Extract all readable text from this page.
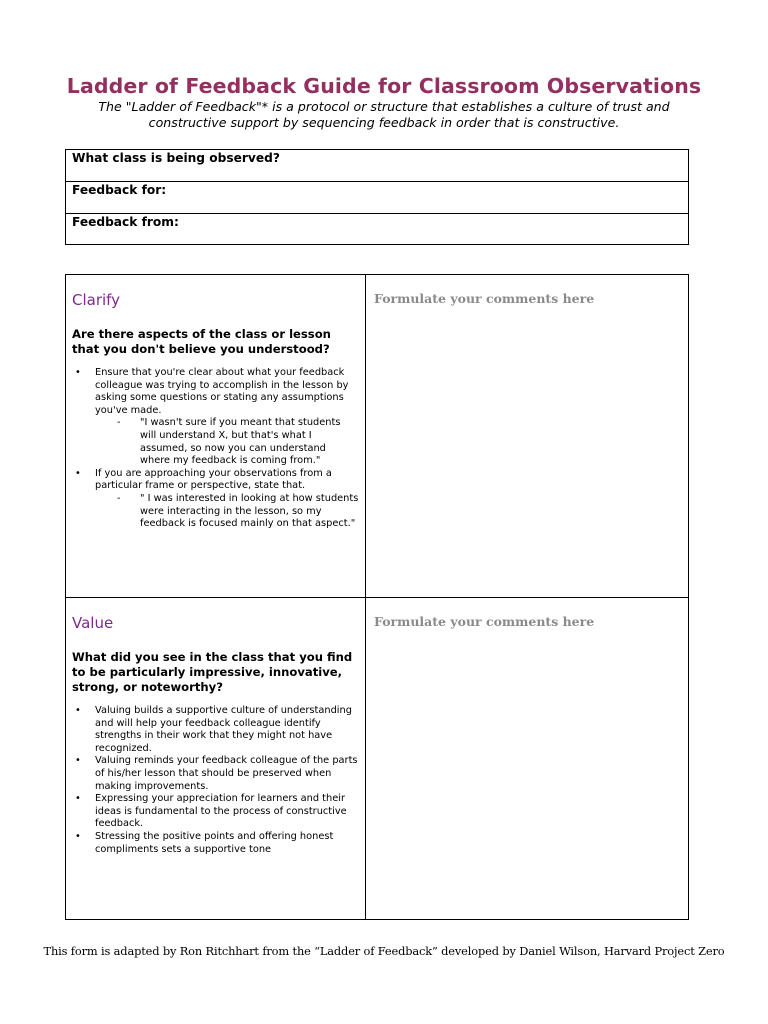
Ladder of Feedback Guide for Classroom Observations
The "Ladder of Feedback"* is a protocol or structure that establishes a culture of trust and constructive support by sequencing feedback in order that is constructive.
What class is being observed?
Feedback for:
Feedback from:
Clarify
Are there aspects of the class or lesson that you don't believe you understood?
• Ensure that you're clear about what your feedback colleague was trying to accomplish in the lesson by asking some questions or stating any assumptions you've made.
- "I wasn't sure if you meant that students will understand X, but that's what I assumed, so now you can understand where my feedback is coming from."
• If you are approaching your observations from a particular frame or perspective, state that.
- " I was interested in looking at how students were interacting in the lesson, so my feedback is focused mainly on that aspect."
Formulate your comments here
Value
What did you see in the class that you find to be particularly impressive, innovative, strong, or noteworthy?
• Valuing builds a supportive culture of understanding and will help your feedback colleague identify strengths in their work that they might not have recognized.
• Valuing reminds your feedback colleague of the parts of his/her lesson that should be preserved when making improvements.
• Expressing your appreciation for learners and their ideas is fundamental to the process of constructive feedback.
• Stressing the positive points and offering honest compliments sets a supportive tone
Formulate your comments here
This form is adapted by Ron Ritchhart from the “Ladder of Feedback” developed by Daniel Wilson, Harvard Project Zero
